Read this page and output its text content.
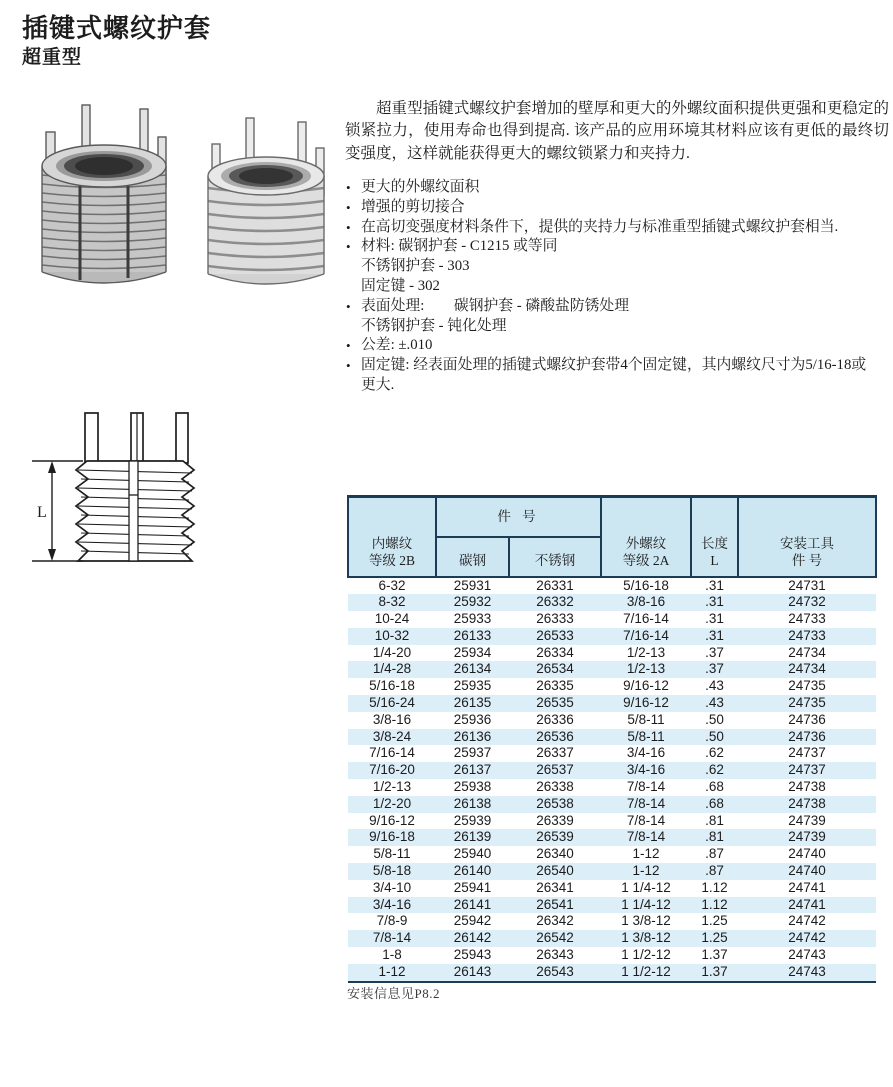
插键式螺纹护套
超重型
超重型插键式螺纹护套增加的壁厚和更大的外螺纹面积提供更强和更稳定的锁紧拉力，使用寿命也得到提高. 该产品的应用环境其材料应该有更低的最终切变强度，这样就能获得更大的螺纹锁紧力和夹持力.
• 更大的外螺纹面积
• 增强的剪切接合
• 在高切变强度材料条件下，提供的夹持力与标准重型插键式螺纹护套相当.
• 材料: 碳钢护套 - C1215 或等同
不锈钢护套 - 303
固定键 - 302
• 表面处理:　　碳钢护套 - 磷酸盐防锈处理
不锈钢护套 - 钝化处理
• 公差: ±.010
• 固定键: 经表面处理的插键式螺纹护套带4个固定键，其内螺纹尺寸为5/16-18或
更大.
L
内螺纹
等级 2B	件 号		外螺纹
等级 2A	长度
L	安装工具
件 号

	碳钢	不锈钢			
6-32	25931	26331	5/16-18	.31	24731
8-32	25932	26332	3/8-16	.31	24732
10-24	25933	26333	7/16-14	.31	24733
10-32	26133	26533	7/16-14	.31	24733
1/4-20	25934	26334	1/2-13	.37	24734
1/4-28	26134	26534	1/2-13	.37	24734
5/16-18	25935	26335	9/16-12	.43	24735
5/16-24	26135	26535	9/16-12	.43	24735
3/8-16	25936	26336	5/8-11	.50	24736
3/8-24	26136	26536	5/8-11	.50	24736
7/16-14	25937	26337	3/4-16	.62	24737
7/16-20	26137	26537	3/4-16	.62	24737
1/2-13	25938	26338	7/8-14	.68	24738
1/2-20	26138	26538	7/8-14	.68	24738
9/16-12	25939	26339	7/8-14	.81	24739
9/16-18	26139	26539	7/8-14	.81	24739
5/8-11	25940	26340	1-12	.87	24740
5/8-18	26140	26540	1-12	.87	24740
3/4-10	25941	26341	1 1/4-12	1.12	24741
3/4-16	26141	26541	1 1/4-12	1.12	24741
7/8-9	25942	26342	1 3/8-12	1.25	24742
7/8-14	26142	26542	1 3/8-12	1.25	24742
1-8	25943	26343	1 1/2-12	1.37	24743
1-12	26143	26543	1 1/2-12	1.37	24743
安装信息见P8.2
